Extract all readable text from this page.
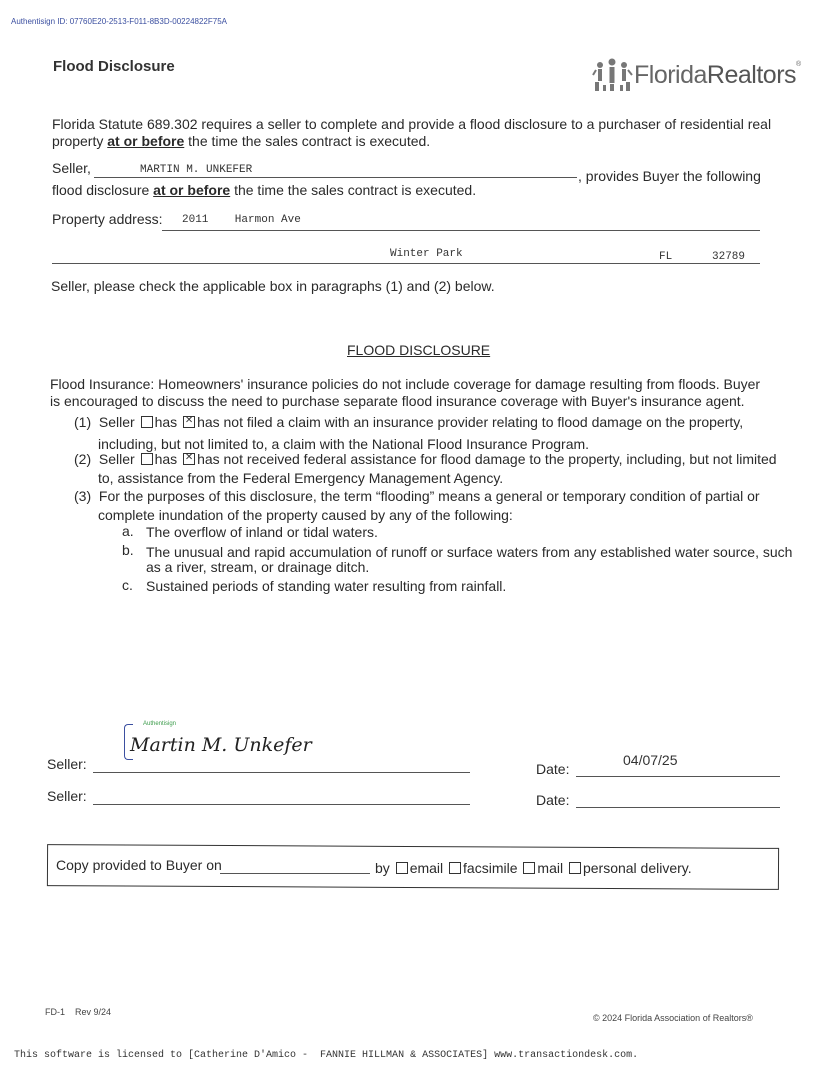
Authentisign ID: 07760E20-2513-F011-8B3D-00224822F75A
Flood Disclosure	FloridaRealtors®
Florida Statute 689.302 requires a seller to complete and provide a flood disclosure to a purchaser of residential real property at or before the time the sales contract is executed.
Seller,	MARTIN M. UNKEFER	, provides Buyer the following
flood disclosure at or before the time the sales contract is executed.
Property address: 2011    Harmon Ave
Winter Park	FL	32789
Seller, please check the applicable box in paragraphs (1) and (2) below.
FLOOD DISCLOSURE
Flood Insurance: Homeowners' insurance policies do not include coverage for damage resulting from floods. Buyer is encouraged to discuss the need to purchase separate flood insurance coverage with Buyer's insurance agent.
(1) Seller has ✕ has not filed a claim with an insurance provider relating to flood damage on the property,
including, but not limited to, a claim with the National Flood Insurance Program.
(2) Seller has ✕ has not received federal assistance for flood damage to the property, including, but not limited
to, assistance from the Federal Emergency Management Agency.
(3) For the purposes of this disclosure, the term “flooding” means a general or temporary condition of partial or
complete inundation of the property caused by any of the following:
a. The overflow of inland or tidal waters.
b. The unusual and rapid accumulation of runoff or surface waters from any established water source, such
as a river, stream, or drainage ditch.
c. Sustained periods of standing water resulting from rainfall.
Authentisign
Martin M. Unkefer
Seller:	Date:
04/07/25
Seller:	Date:
Copy provided to Buyer on	by email facsimile mail personal delivery.
FD-1    Rev 9/24
© 2024 Florida Association of Realtors®
This software is licensed to [Catherine D'Amico -  FANNIE HILLMAN & ASSOCIATES] www.transactiondesk.com.
